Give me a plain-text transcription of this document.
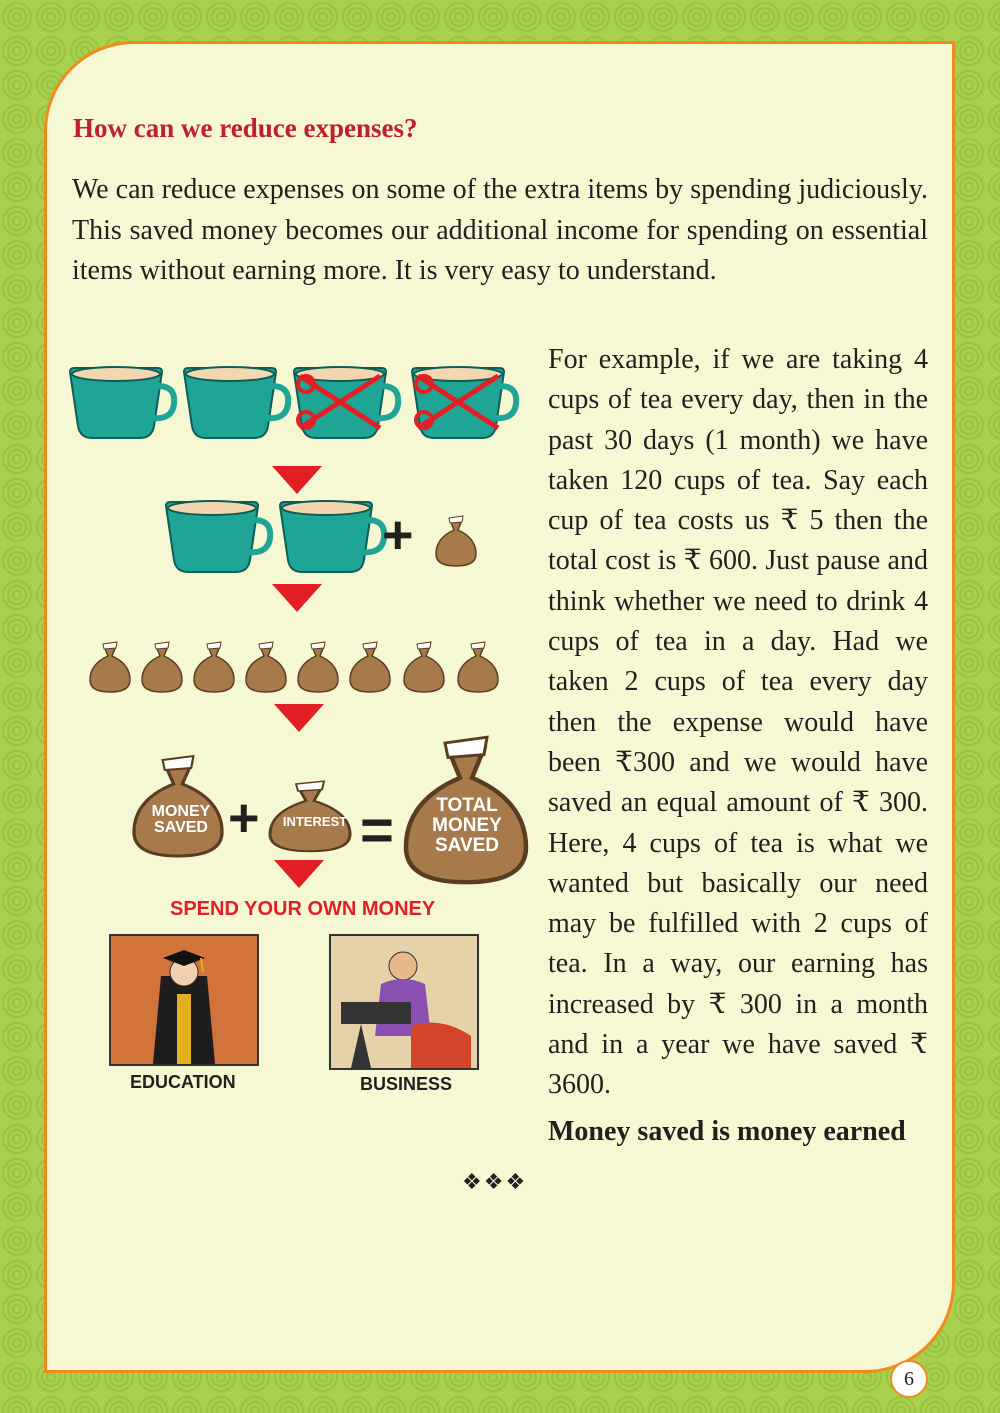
How can we reduce expenses?

We can reduce expenses on some of the extra items by spending judiciously. This saved money becomes our additional income for spending on essential items without earning more. It is very easy to understand.

+
+ =
MONEY
SAVED	INTEREST
TOTAL
MONEY
SAVED
SPEND YOUR OWN MONEY
EDUCATION	BUSINESS

For example, if we are taking 4 cups of tea every day, then in the past 30 days (1 month) we have taken 120 cups of tea. Say each cup of tea costs us ₹ 5 then the total cost is ₹ 600. Just pause and think whether we need to drink 4 cups of tea in a day. Had we taken 2 cups of tea every day then the expense would have been ₹300 and we would have saved an equal amount of ₹ 300. Here, 4 cups of tea is what we wanted but basically our need may be fulfilled with 2 cups of tea. In a way, our earning has increased by ₹ 300 in a month and in a year we have saved ₹ 3600.

Money saved is money earned

❖❖❖
6
